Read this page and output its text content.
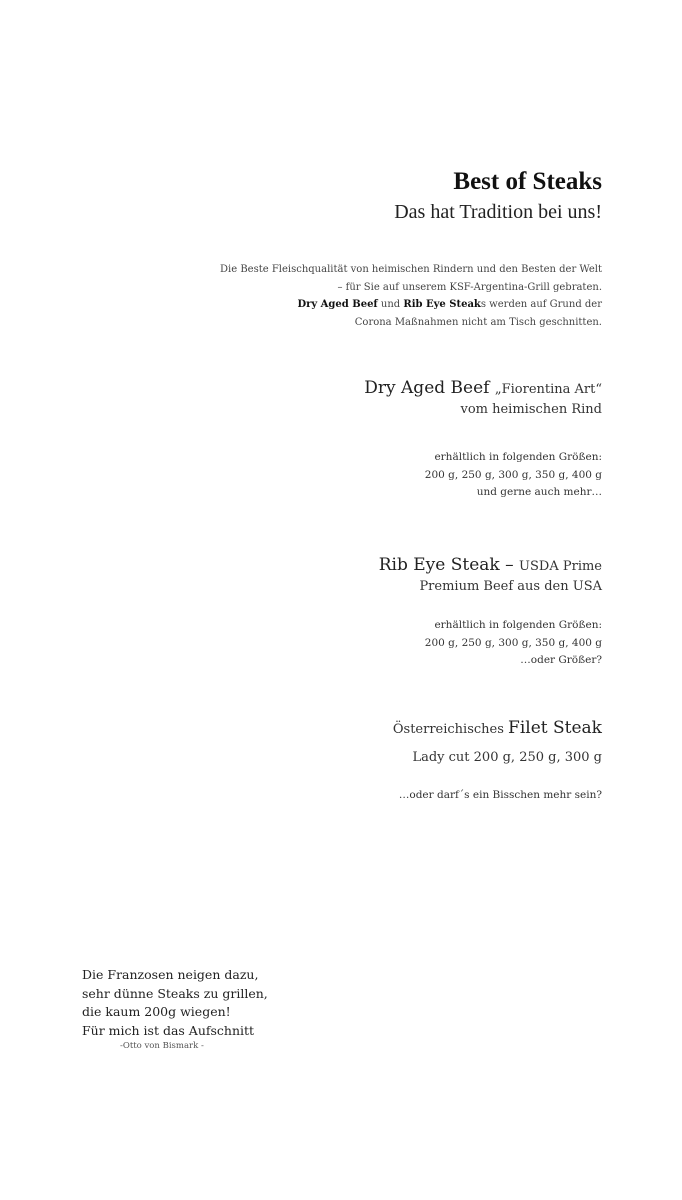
Best of Steaks
Das hat Tradition bei uns!
Die Beste Fleischqualität von heimischen Rindern und den Besten der Welt
– für Sie auf unserem KSF-Argentina-Grill gebraten.
Dry Aged Beef und Rib Eye Steaks werden auf Grund der
Corona Maßnahmen nicht am Tisch geschnitten.
Dry Aged Beef „Fiorentina Art“
vom heimischen Rind
erhältlich in folgenden Größen:
200 g, 250 g, 300 g, 350 g, 400 g
und gerne auch mehr…
Rib Eye Steak – USDA Prime
Premium Beef aus den USA
erhältlich in folgenden Größen:
200 g, 250 g, 300 g, 350 g, 400 g
…oder Größer?
Österreichisches Filet Steak
Lady cut 200 g, 250 g, 300 g
…oder darf´s ein Bisschen mehr sein?
Die Franzosen neigen dazu,
sehr dünne Steaks zu grillen,
die kaum 200g wiegen!
Für mich ist das Aufschnitt
-Otto von Bismark -
